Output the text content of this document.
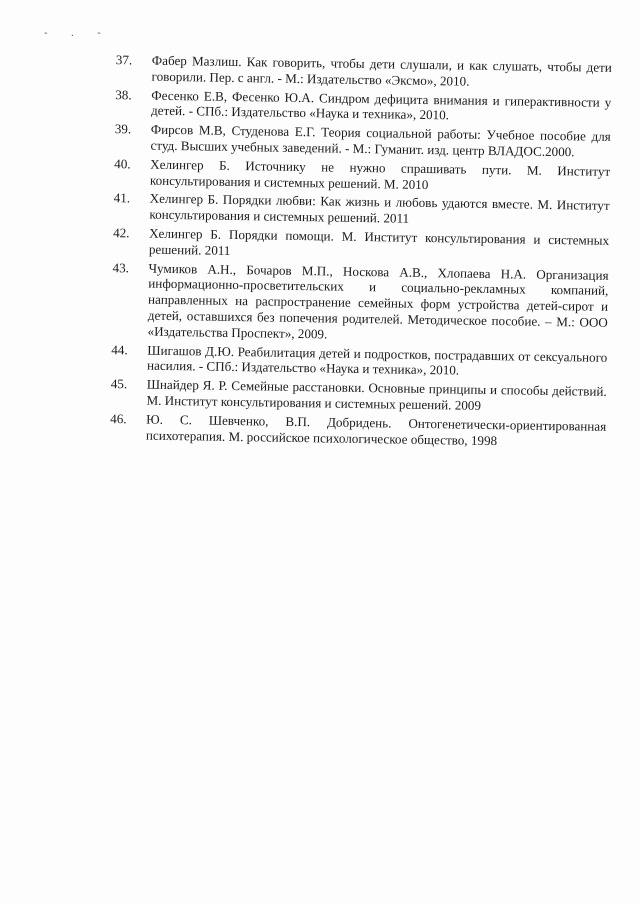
- . -
37.	Фабер Мазлиш. Как говорить, чтобы дети слушали, и как слушать, чтобы дети говорили. Пер. с англ. - М.: Издательство «Эксмо», 2010.
38.	Фесенко Е.В, Фесенко Ю.А. Синдром дефицита внимания и гиперактивности у детей. - СПб.: Издательство «Наука и техника», 2010.
39.	Фирсов М.В, Студенова Е.Г. Теория социальной работы: Учебное пособие для студ. Высших учебных заведений. - М.: Гуманит. изд. центр ВЛАДОС.2000.
40.	Хелингер Б. Источнику не нужно спрашивать пути. М. Институт консультирования и системных решений. М. 2010
41.	Хелингер Б. Порядки любви: Как жизнь и любовь удаются вместе. М. Институт консультирования и системных решений. 2011
42.	Хелингер Б. Порядки помощи. М. Институт консультирования и системных решений. 2011
43.	Чумиков А.Н., Бочаров М.П., Носкова А.В., Хлопаева Н.А. Организация информационно-просветительских и социально-рекламных компаний, направленных на распространение семейных форм устройства детей-сирот и детей, оставшихся без попечения родителей. Методическое пособие. – М.: ООО «Издательства Проспект», 2009.
44.	Шигашов Д.Ю. Реабилитация детей и подростков, пострадавших от сексуального насилия. - СПб.: Издательство «Наука и техника», 2010.
45.	Шнайдер Я. Р. Семейные расстановки. Основные принципы и способы действий. М. Институт консультирования и системных решений. 2009
46.	Ю. С. Шевченко, В.П. Добридень. Онтогенетически-ориентированная психотерапия. М. российское психологическое общество, 1998
